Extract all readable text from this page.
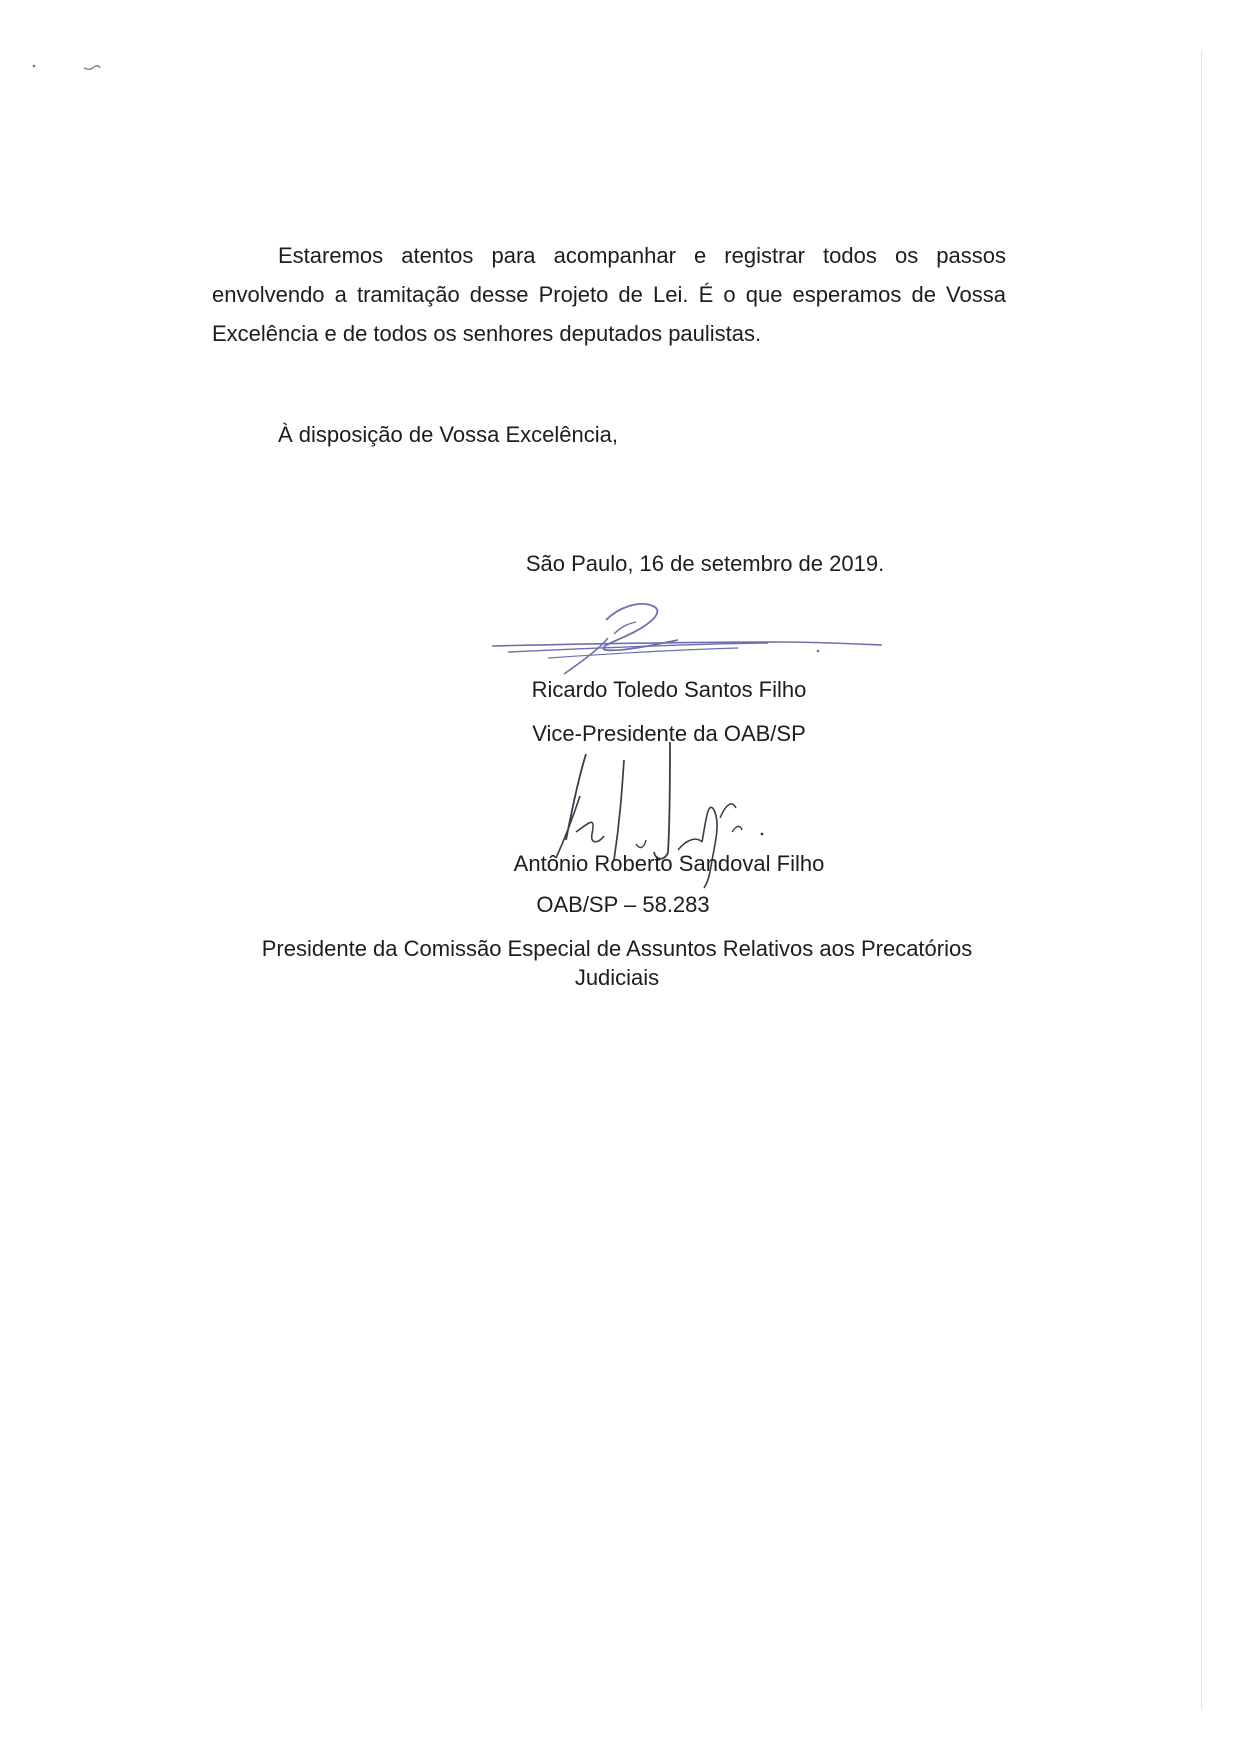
Estaremos atentos para acompanhar e registrar todos os passos envolvendo a tramitação desse Projeto de Lei. É o que esperamos de Vossa Excelência e de todos os senhores deputados paulistas.

À disposição de Vossa Excelência,

São Paulo, 16 de setembro de 2019.

Ricardo Toledo Santos Filho

Vice-Presidente da OAB/SP

Antônio Roberto Sandoval Filho

OAB/SP – 58.283

Presidente da Comissão Especial de Assuntos Relativos aos Precatórios

Judiciais
